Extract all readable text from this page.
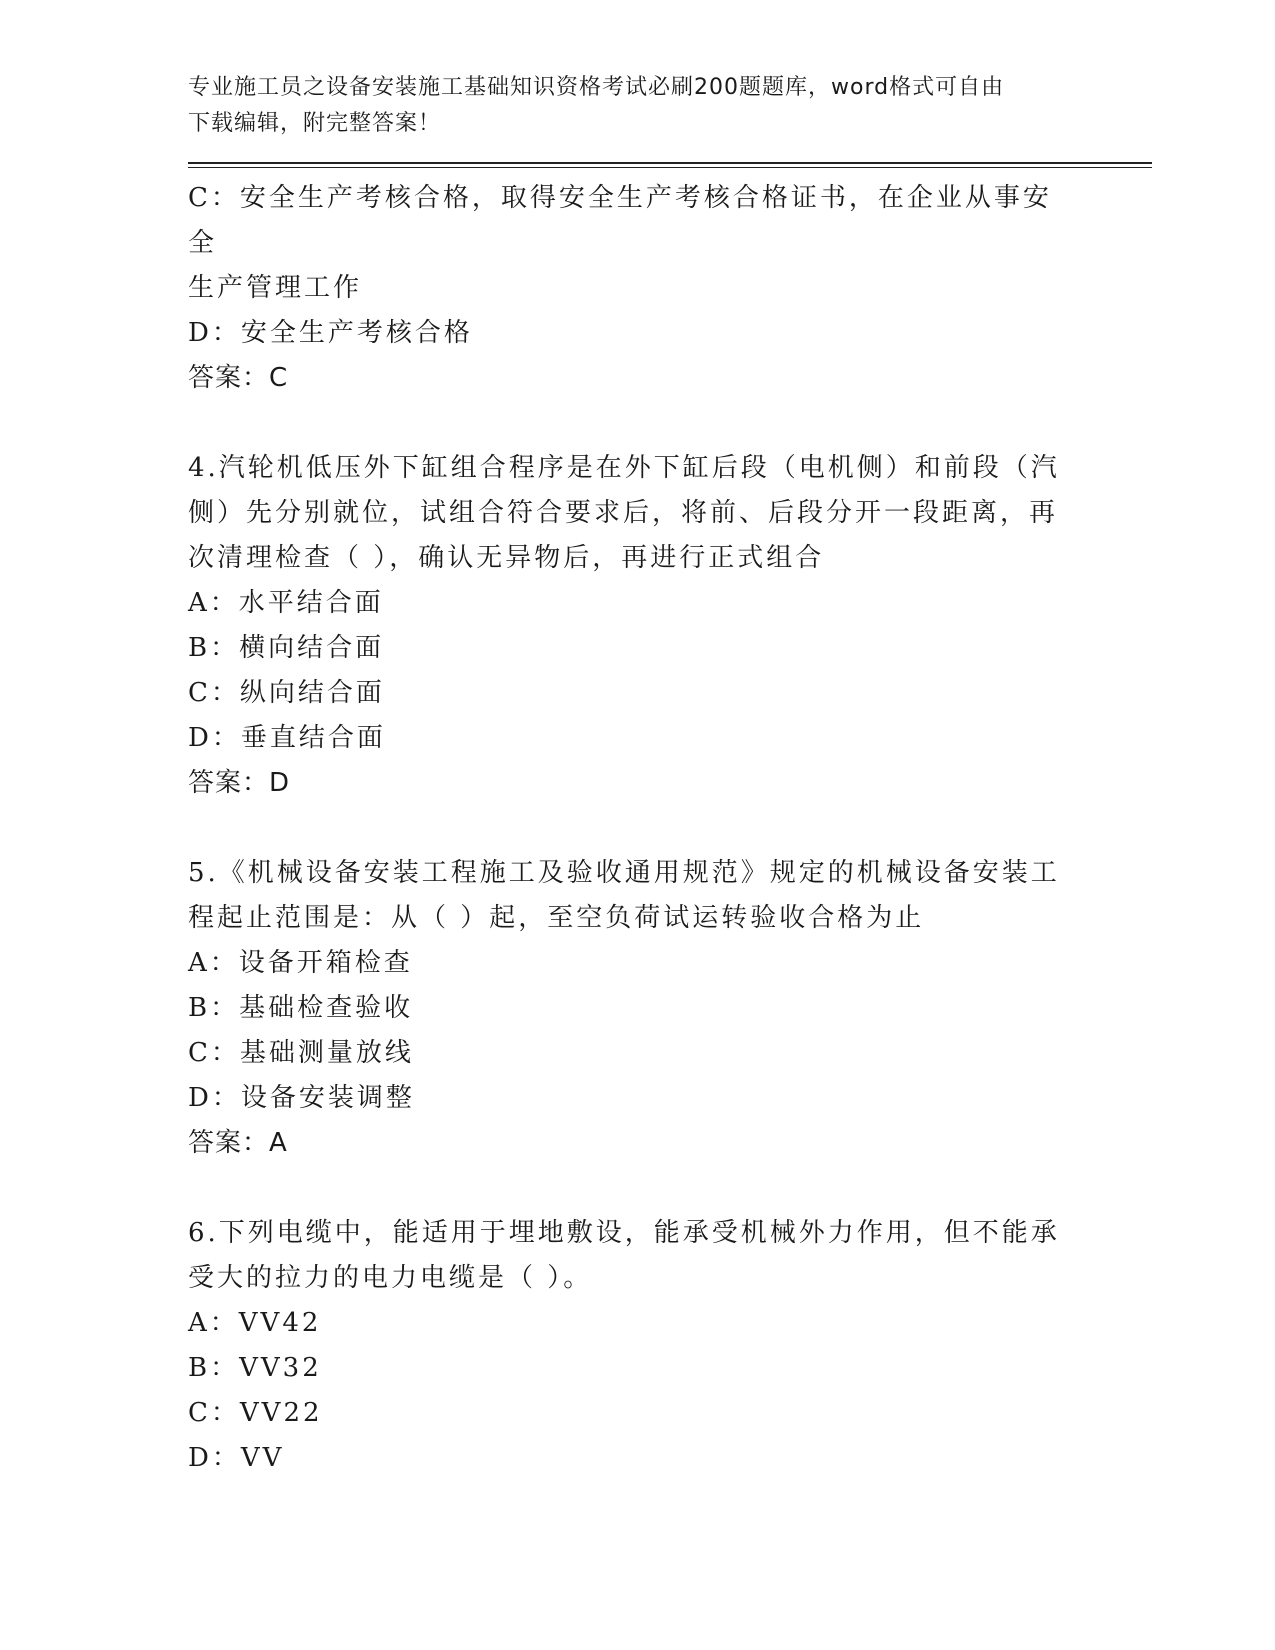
专业施工员之设备安装施工基础知识资格考试必刷200题题库，word格式可自由
下载编辑，附完整答案！

C：安全生产考核合格，取得安全生产考核合格证书，在企业从事安全

生产管理工作

D：安全生产考核合格

答案：C

4.汽轮机低压外下缸组合程序是在外下缸后段（电机侧）和前段（汽

侧）先分别就位，试组合符合要求后，将前、后段分开一段距离，再

次清理检查（ ），确认无异物后，再进行正式组合

A：水平结合面

B：横向结合面

C：纵向结合面

D：垂直结合面

答案：D

5.《机械设备安装工程施工及验收通用规范》规定的机械设备安装工

程起止范围是：从（ ）起，至空负荷试运转验收合格为止

A：设备开箱检查

B：基础检查验收

C：基础测量放线

D：设备安装调整

答案：A

6.下列电缆中，能适用于埋地敷设，能承受机械外力作用，但不能承

受大的拉力的电力电缆是（ ）。

A：VV42

B：VV32

C：VV22

D：VV
